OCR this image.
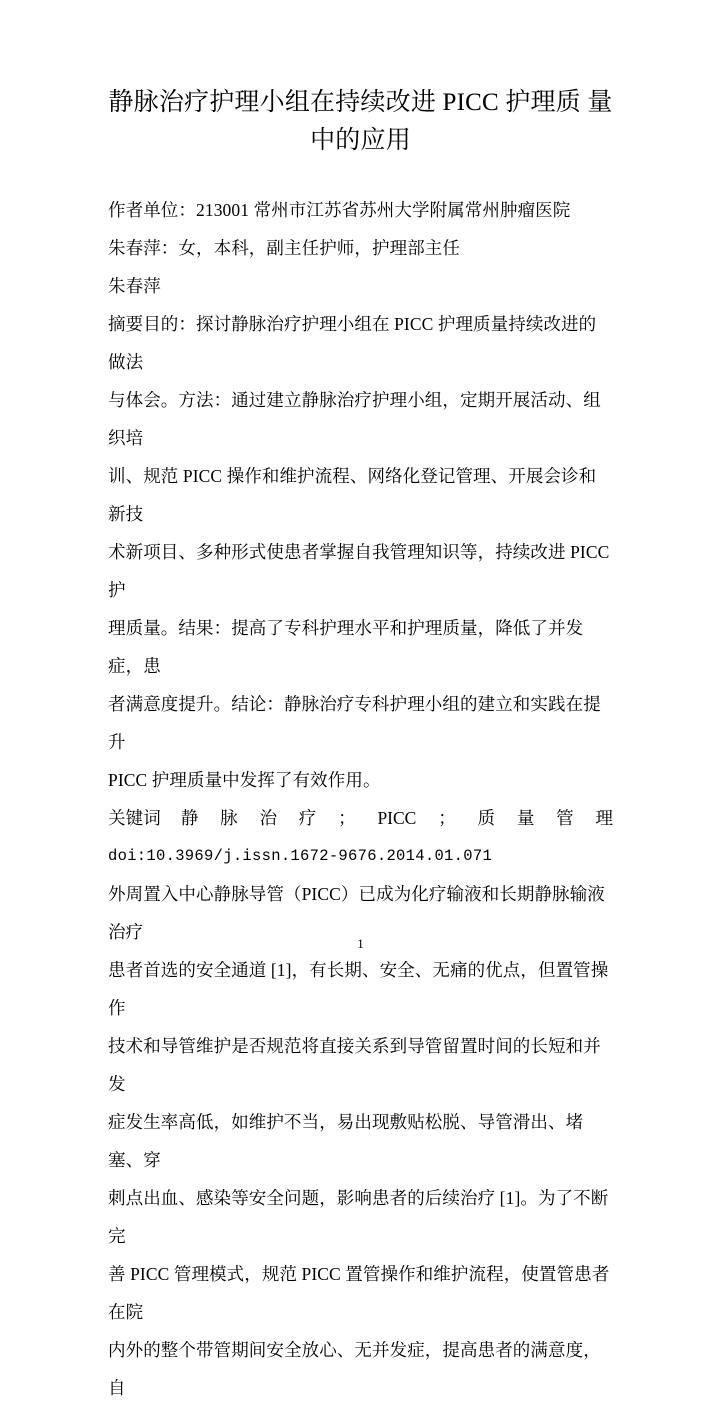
静脉治疗护理小组在持续改进 PICC 护理质 量中的应用
作者单位：213001 常州市江苏省苏州大学附属常州肿瘤医院
朱春萍：女，本科，副主任护师，护理部主任
朱春萍
摘要目的：探讨静脉治疗护理小组在 PICC 护理质量持续改进的做法
与体会。方法：通过建立静脉治疗护理小组，定期开展活动、组织培
训、规范 PICC 操作和维护流程、网络化登记管理、开展会诊和新技
术新项目、多种形式使患者掌握自我管理知识等，持续改进 PICC 护
理质量。结果：提高了专科护理水平和护理质量，降低了并发症，患
者满意度提升。结论：静脉治疗专科护理小组的建立和实践在提升
PICC 护理质量中发挥了有效作用。
关键词 静 脉 治 疗 ； PICC ； 质 量 管 理
doi:10.3969/j.issn.1672-9676.2014.01.071
外周置入中心静脉导管（PICC）已成为化疗输液和长期静脉输液治疗
患者首选的安全通道 [1]，有长期、安全、无痛的优点，但置管操作
技术和导管维护是否规范将直接关系到导管留置时间的长短和并发
症发生率高低，如维护不当，易出现敷贴松脱、导管滑出、堵塞、穿
刺点出血、感染等安全问题，影响患者的后续治疗 [1]。为了不断完
善 PICC 管理模式，规范 PICC 置管操作和维护流程，使置管患者在院
内外的整个带管期间安全放心、无并发症，提高患者的满意度，自
1
